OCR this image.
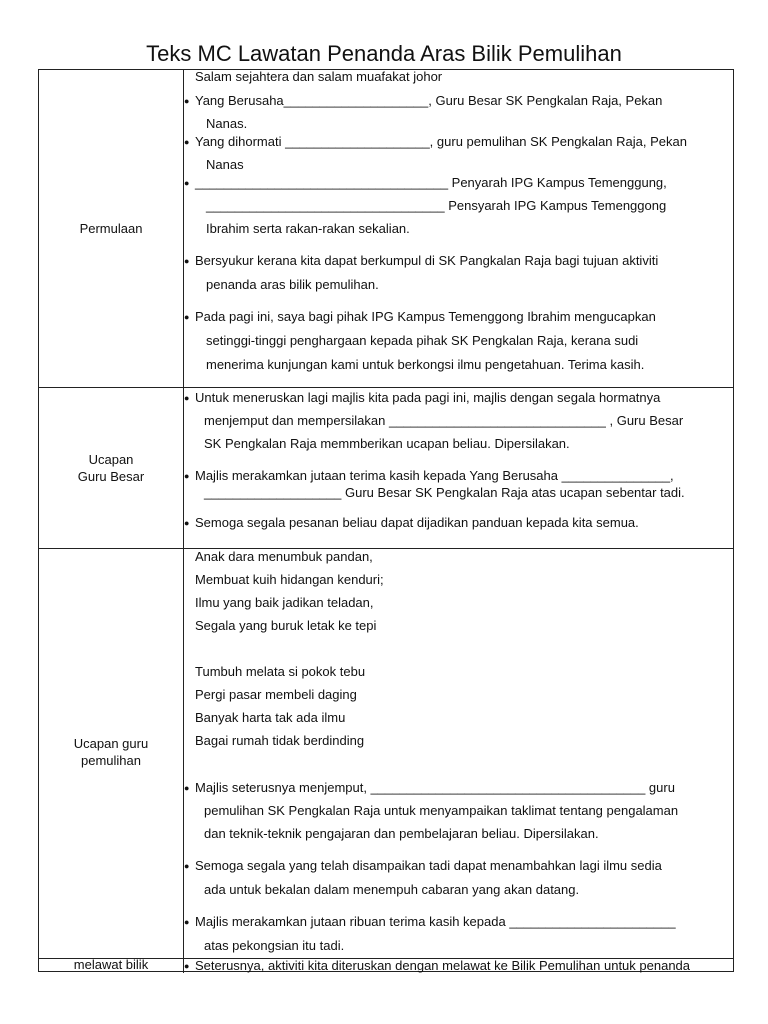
Teks MC Lawatan Penanda Aras Bilik Pemulihan
Permulaan
Salam sejahtera dan salam muafakat johor
● Yang Berusaha____________________, Guru Besar SK Pengkalan Raja, Pekan
Nanas.
● Yang dihormati ____________________, guru pemulihan SK Pengkalan Raja, Pekan
Nanas
● ___________________________________ Penyarah IPG Kampus Temenggung,
_________________________________ Pensyarah IPG Kampus Temenggong
Ibrahim serta rakan-rakan sekalian.
● Bersyukur kerana kita dapat berkumpul di SK Pangkalan Raja bagi tujuan aktiviti
penanda aras bilik pemulihan.
● Pada pagi ini, saya bagi pihak IPG Kampus Temenggong Ibrahim mengucapkan
setinggi-tinggi penghargaan kepada pihak SK Pengkalan Raja, kerana sudi
menerima kunjungan kami untuk berkongsi ilmu pengetahuan. Terima kasih.
Ucapan
Guru Besar
● Untuk meneruskan lagi majlis kita pada pagi ini, majlis dengan segala hormatnya
menjemput dan mempersilakan ______________________________ , Guru Besar
SK Pengkalan Raja memmberikan ucapan beliau. Dipersilakan.
● Majlis merakamkan jutaan terima kasih kepada Yang Berusaha _______________,
___________________ Guru Besar SK Pengkalan Raja atas ucapan sebentar tadi.
● Semoga segala pesanan beliau dapat dijadikan panduan kepada kita semua.
Ucapan guru
pemulihan
Anak dara menumbuk pandan,
Membuat kuih hidangan kenduri;
Ilmu yang baik jadikan teladan,
Segala yang buruk letak ke tepi
Tumbuh melata si pokok tebu
Pergi pasar membeli daging
Banyak harta tak ada ilmu
Bagai rumah tidak berdinding
● Majlis seterusnya menjemput, ______________________________________ guru
pemulihan SK Pengkalan Raja untuk menyampaikan taklimat tentang pengalaman
dan teknik-teknik pengajaran dan pembelajaran beliau. Dipersilakan.
● Semoga segala yang telah disampaikan tadi dapat menambahkan lagi ilmu sedia
ada untuk bekalan dalam menempuh cabaran yang akan datang.
● Majlis merakamkan jutaan ribuan terima kasih kepada _______________________
atas pekongsian itu tadi.
melawat bilik	● Seterusnya, aktiviti kita diteruskan dengan melawat ke Bilik Pemulihan untuk penanda
